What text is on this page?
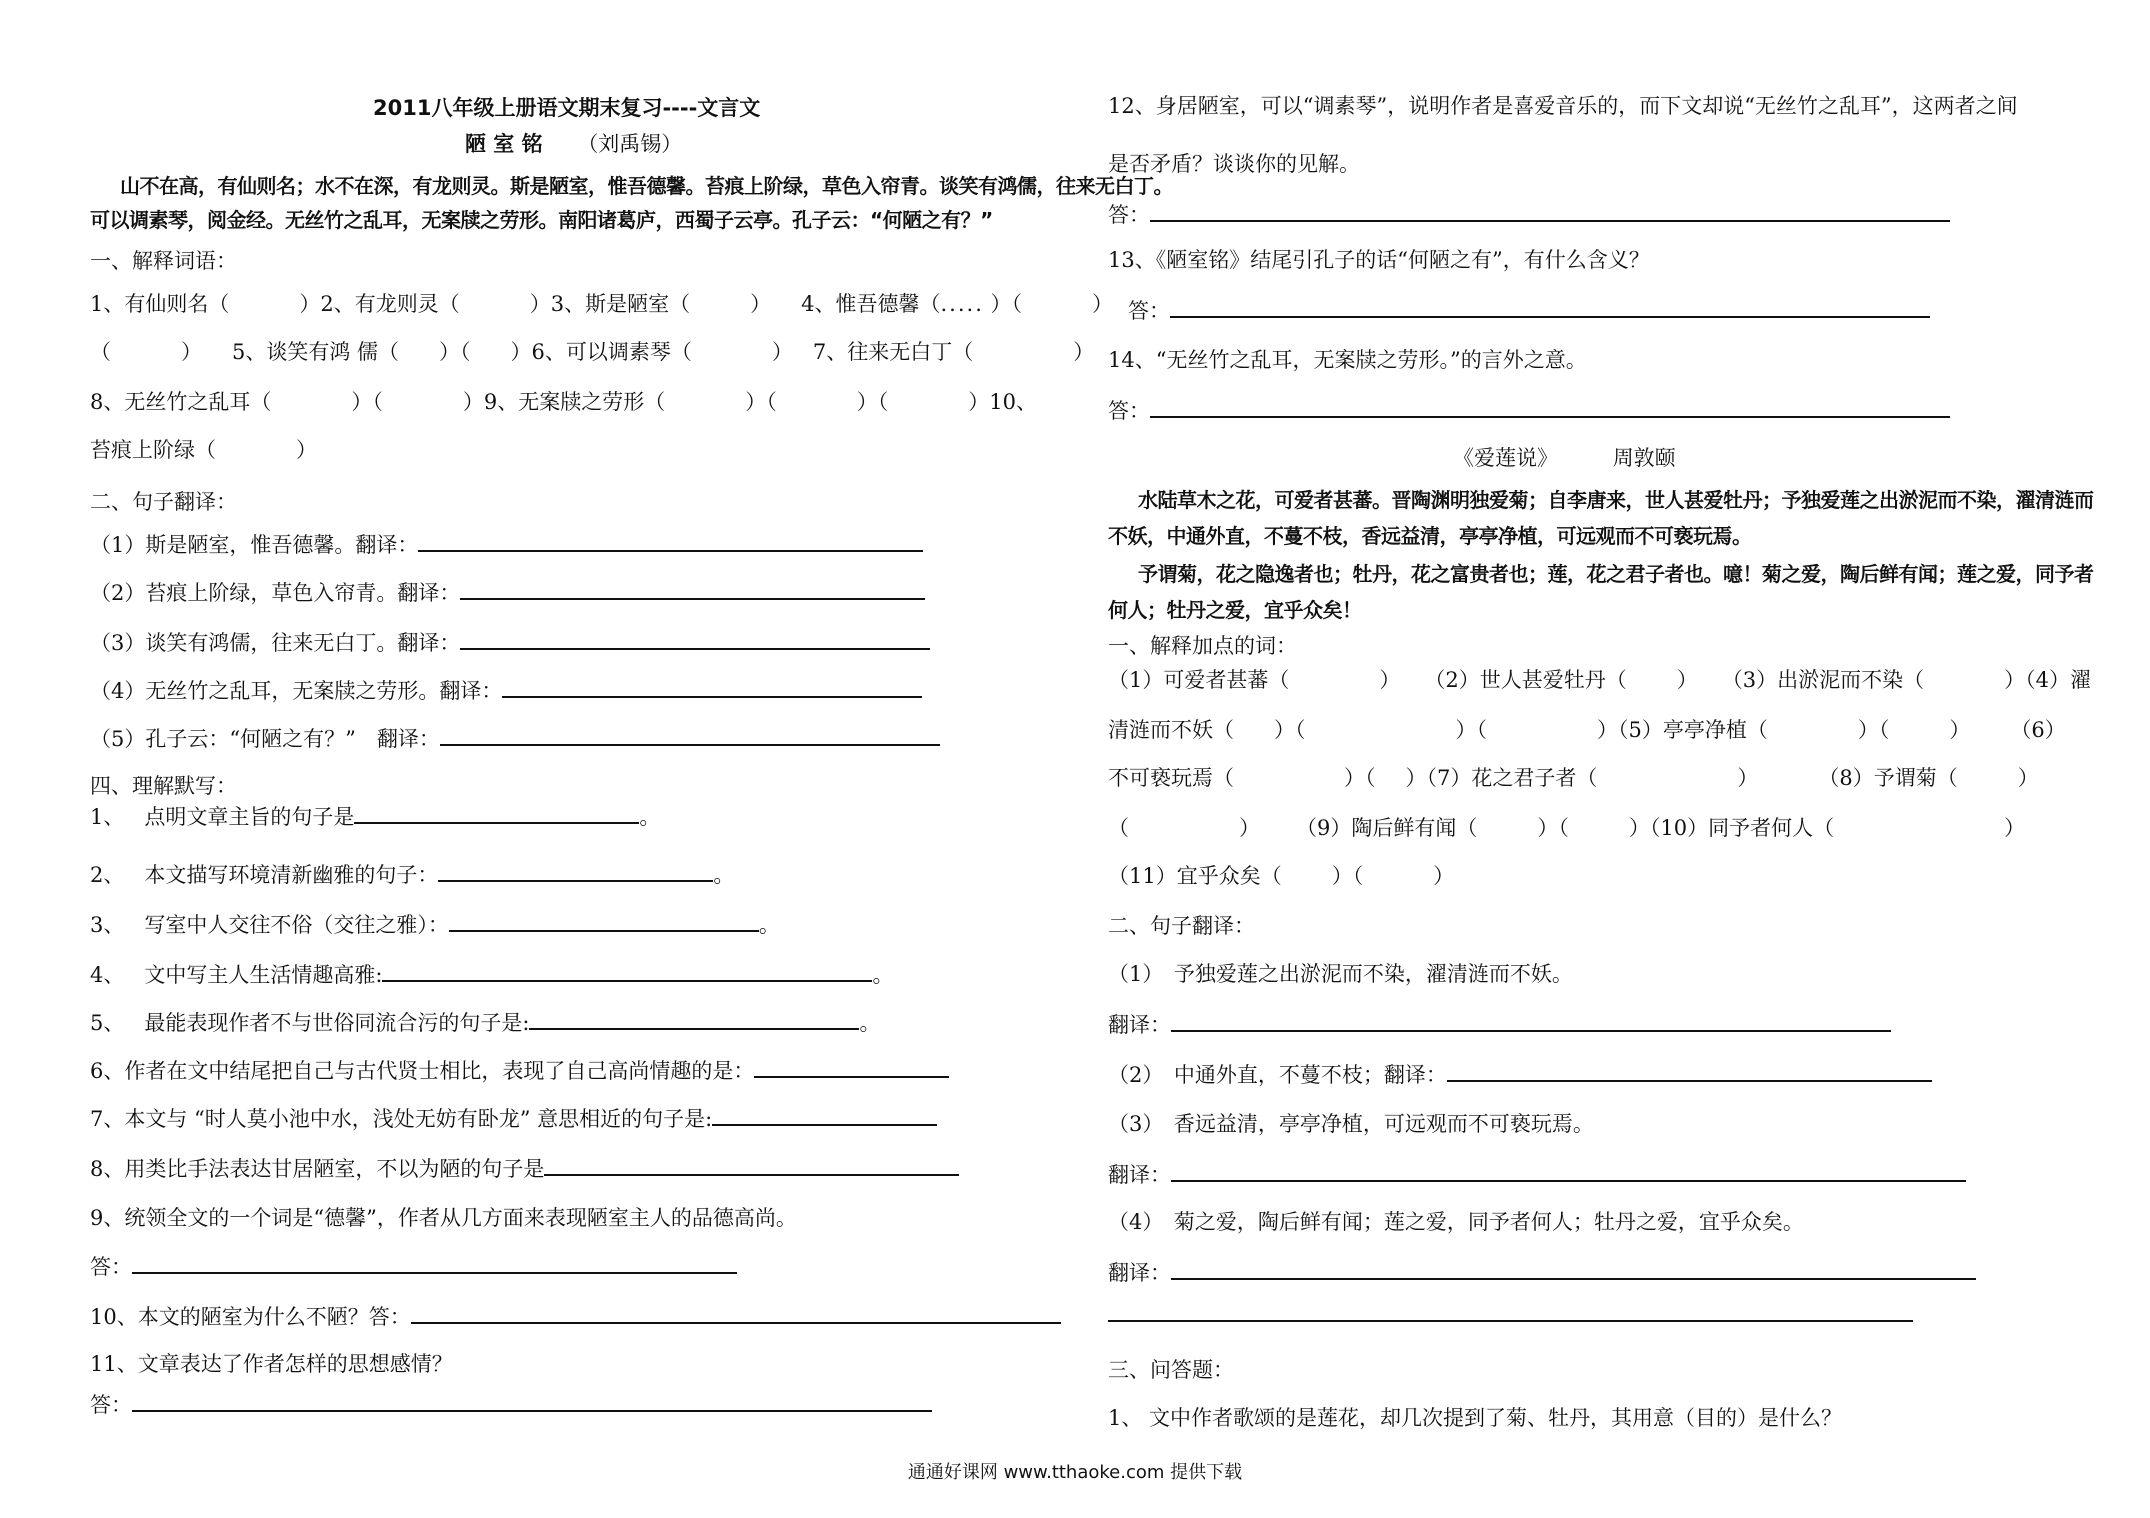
2011八年级上册语文期末复习----文言文
陋 室 铭 （刘禹锡）
山不在高，有仙则名；水不在深，有龙则灵。斯是陋室，惟吾德馨。苔痕上阶绿，草色入帘青。谈笑有鸿儒，往来无白丁。
可以调素琴，阅金经。无丝竹之乱耳，无案牍之劳形。南阳诸葛庐，西蜀子云亭。孔子云：“何陋之有？”
一、解释词语：
1、有仙则名（	）2、有龙则灵（	）3、斯是陋室（	） 4、惟吾德馨（..... ）（	）
（	） 5、谈笑有鸿 儒（ ）（ ）6、可以调素琴（	） 7、往来无白丁（	）
8、无丝竹之乱耳（	）（	）9、无案牍之劳形（	）（	）（	）10、
苔痕上阶绿（	）
二、句子翻译：
（1）斯是陋室，惟吾德馨。翻译：
（2）苔痕上阶绿，草色入帘青。翻译：
（3）谈笑有鸿儒，往来无白丁。翻译：
（4）无丝竹之乱耳，无案牍之劳形。翻译：
（5）孔子云：“何陋之有？”　翻译：
四、理解默写：
1、 点明文章主旨的句子是	。
2、 本文描写环境清新幽雅的句子：	。
3、 写室中人交往不俗（交往之雅）：	。
4、 文中写主人生活情趣高雅:	。
5、 最能表现作者不与世俗同流合污的句子是:	。
6、作者在文中结尾把自己与古代贤士相比，表现了自己高尚情趣的是：
7、本文与 “时人莫小池中水，浅处无妨有卧龙” 意思相近的句子是:
8、用类比手法表达甘居陋室，不以为陋的句子是
9、统领全文的一个词是“德馨”，作者从几方面来表现陋室主人的品德高尚。
答：
10、本文的陋室为什么不陋？答：
11、文章表达了作者怎样的思想感情？
答：
12、身居陋室，可以“调素琴”，说明作者是喜爱音乐的，而下文却说“无丝竹之乱耳”，这两者之间
是否矛盾？谈谈你的见解。
答：
13、《陋室铭》结尾引孔子的话“何陋之有”，有什么含义？
答：
14、“无丝竹之乱耳，无案牍之劳形。”的言外之意。
答：
《爱莲说》	周敦颐
水陆草木之花，可爱者甚蕃。晋陶渊明独爱菊；自李唐来，世人甚爱牡丹；予独爱莲之出淤泥而不染，濯清涟而
不妖，中通外直，不蔓不枝，香远益清，亭亭净植，可远观而不可亵玩焉。
予谓菊，花之隐逸者也；牡丹，花之富贵者也；莲，花之君子者也。噫！菊之爱，陶后鲜有闻；莲之爱，同予者
何人；牡丹之爱，宜乎众矣！
一、解释加点的词：
（1）可爱者甚蕃（	） （2）世人甚爱牡丹（ ） （3）出淤泥而不染（	）（4）濯
清涟而不妖（ ）（	）（	）（5）亭亭净植（	）（	） （6）
不可亵玩焉（	）（ ）（7）花之君子者（	）	（8）予谓菊（	）
（	） （9）陶后鲜有闻（	）（	）（10）同予者何人（	）
（11）宜乎众矣（ ）（	）
二、句子翻译：
（1）　予独爱莲之出淤泥而不染，濯清涟而不妖。
翻译：
（2）　中通外直，不蔓不枝；翻译：
（3）　香远益清，亭亭净植，可远观而不可亵玩焉。
翻译：
（4）　菊之爱，陶后鲜有闻；莲之爱，同予者何人；牡丹之爱，宜乎众矣。
翻译：
三、问答题：
1、 文中作者歌颂的是莲花，却几次提到了菊、牡丹，其用意（目的）是什么？
通通好课网 www.tthaoke.com 提供下载
